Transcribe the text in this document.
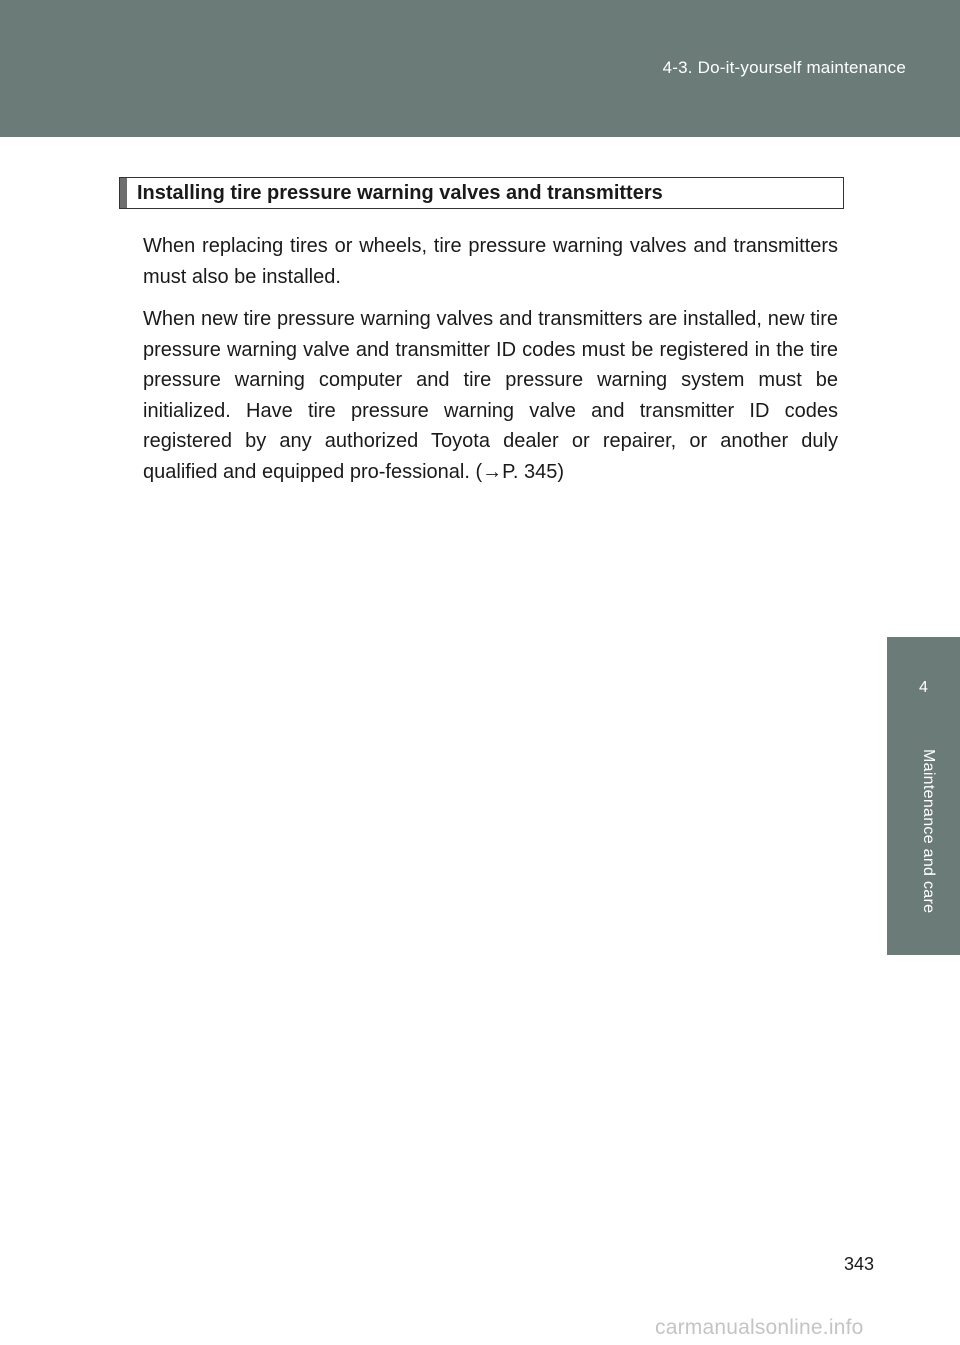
4-3. Do-it-yourself maintenance
4
Maintenance and care
Installing tire pressure warning valves and transmitters

When replacing tires or wheels, tire pressure warning valves and transmitters must also be installed.

When new tire pressure warning valves and transmitters are installed, new tire pressure warning valve and transmitter ID codes must be registered in the tire pressure warning computer and tire pressure warning system must be initialized. Have tire pressure warning valve and transmitter ID codes registered by any authorized Toyota dealer or repairer, or another duly qualified and equipped pro-fessional. (→P. 345)

343
carmanualsonline.info
